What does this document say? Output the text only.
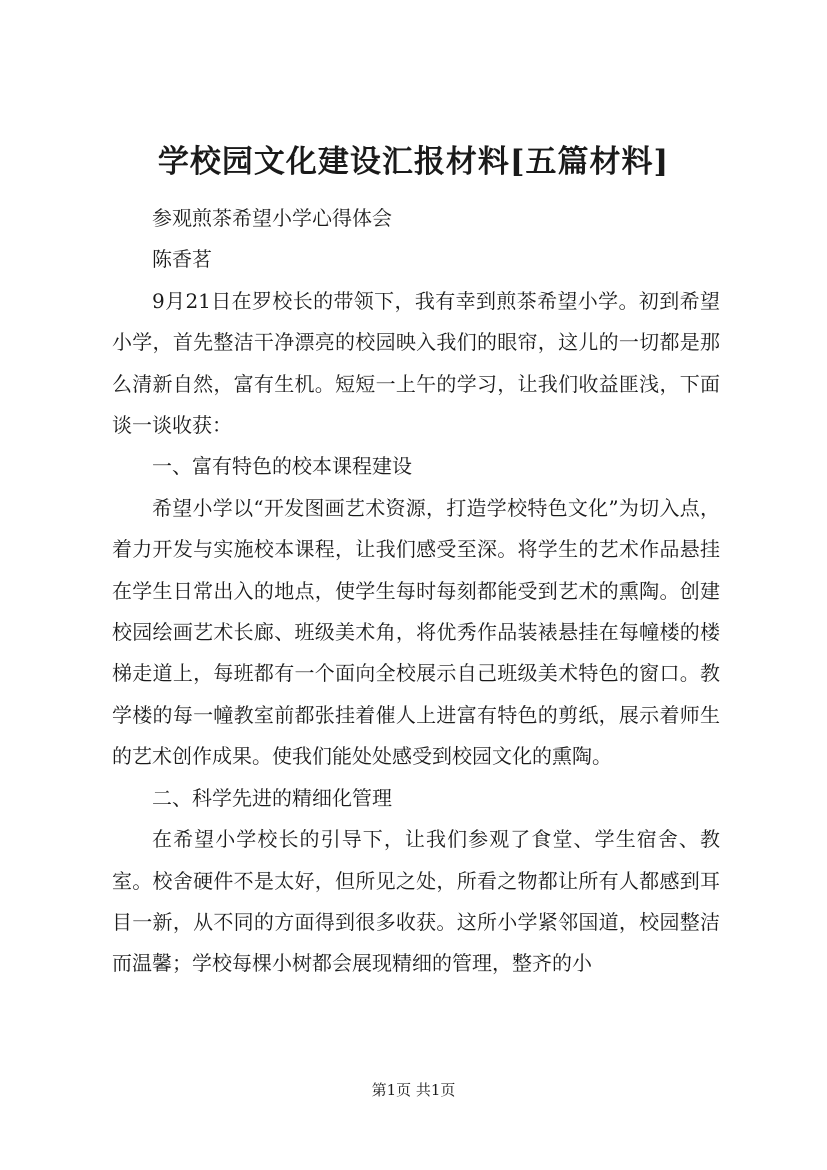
学校园文化建设汇报材料[五篇材料]

参观煎茶希望小学心得体会

陈香茗

9月21日在罗校长的带领下，我有幸到煎茶希望小学。初到希望小学，首先整洁干净漂亮的校园映入我们的眼帘，这儿的一切都是那么清新自然，富有生机。短短一上午的学习，让我们收益匪浅，下面谈一谈收获：

一、富有特色的校本课程建设

希望小学以“开发图画艺术资源，打造学校特色文化”为切入点，着力开发与实施校本课程，让我们感受至深。将学生的艺术作品悬挂在学生日常出入的地点，使学生每时每刻都能受到艺术的熏陶。创建校园绘画艺术长廊、班级美术角，将优秀作品装裱悬挂在每幢楼的楼梯走道上，每班都有一个面向全校展示自己班级美术特色的窗口。教学楼的每一幢教室前都张挂着催人上进富有特色的剪纸，展示着师生的艺术创作成果。使我们能处处感受到校园文化的熏陶。

二、科学先进的精细化管理

在希望小学校长的引导下，让我们参观了食堂、学生宿舍、教室。校舍硬件不是太好，但所见之处，所看之物都让所有人都感到耳目一新，从不同的方面得到很多收获。这所小学紧邻国道，校园整洁而温馨；学校每棵小树都会展现精细的管理，整齐的小

第1页 共1页
